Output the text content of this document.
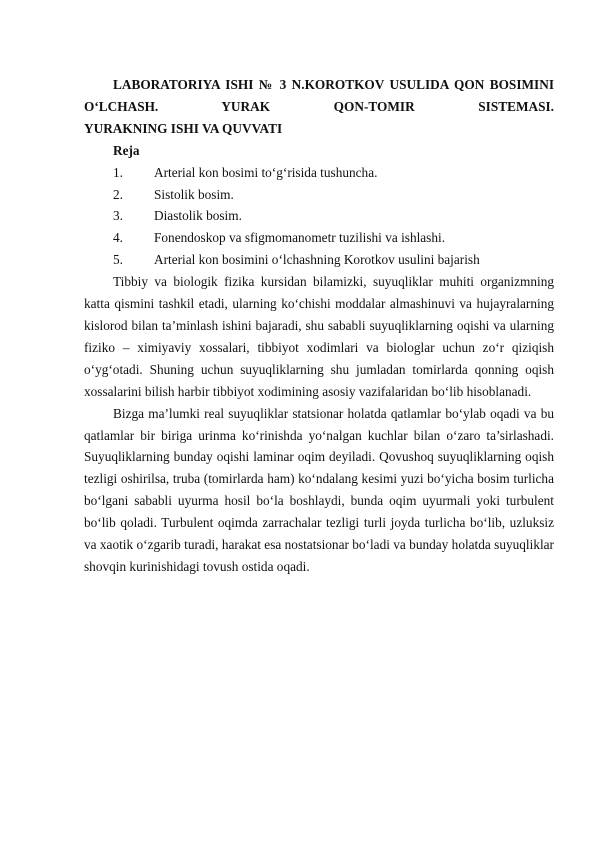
LABORATORIYA ISHI № 3 N.KOROTKOV USULIDA QON BOSIMINI O‘LCHASH. YURAK QON-TOMIR SISTEMASI.

YURAKNING ISHI VA QUVVATI

Reja

1.	Arterial kon bosimi to‘g‘risida tushuncha.
2.	Sistolik bosim.
3.	Diastolik bosim.
4.	Fonendoskop va sfigmomanometr tuzilishi va ishlashi.
5.	Arterial kon bosimini o‘lchashning Korotkov usulini bajarish

Tibbiy va biologik fizika kursidan bilamizki, suyuqliklar muhiti organizmning katta qismini tashkil etadi, ularning ko‘chishi moddalar almashinuvi va hujayralarning kislorod bilan ta’minlash ishini bajaradi, shu sababli suyuqliklarning oqishi va ularning fiziko – ximiyaviy xossalari, tibbiyot xodimlari va biologlar uchun zo‘r qiziqish o‘yg‘otadi. Shuning uchun suyuqliklarning shu jumladan tomirlarda qonning oqish xossalarini bilish harbir tibbiyot xodimining asosiy vazifalaridan bo‘lib hisoblanadi.

Bizga ma’lumki real suyuqliklar statsionar holatda qatlamlar bo‘ylab oqadi va bu qatlamlar bir biriga urinma ko‘rinishda yo‘nalgan kuchlar bilan o‘zaro ta’sirlashadi. Suyuqliklarning bunday oqishi laminar oqim deyiladi. Qovushoq suyuqliklarning oqish tezligi oshirilsa, truba (tomirlarda ham) ko‘ndalang kesimi yuzi bo‘yicha bosim turlicha bo‘lgani sababli uyurma hosil bo‘la boshlaydi, bunda oqim uyurmali yoki turbulent bo‘lib qoladi. Turbulent oqimda zarrachalar tezligi turli joyda turlicha bo‘lib, uzluksiz va xaotik o‘zgarib turadi, harakat esa nostatsionar bo‘ladi va bunday holatda suyuqliklar shovqin kurinishidagi tovush ostida oqadi.
